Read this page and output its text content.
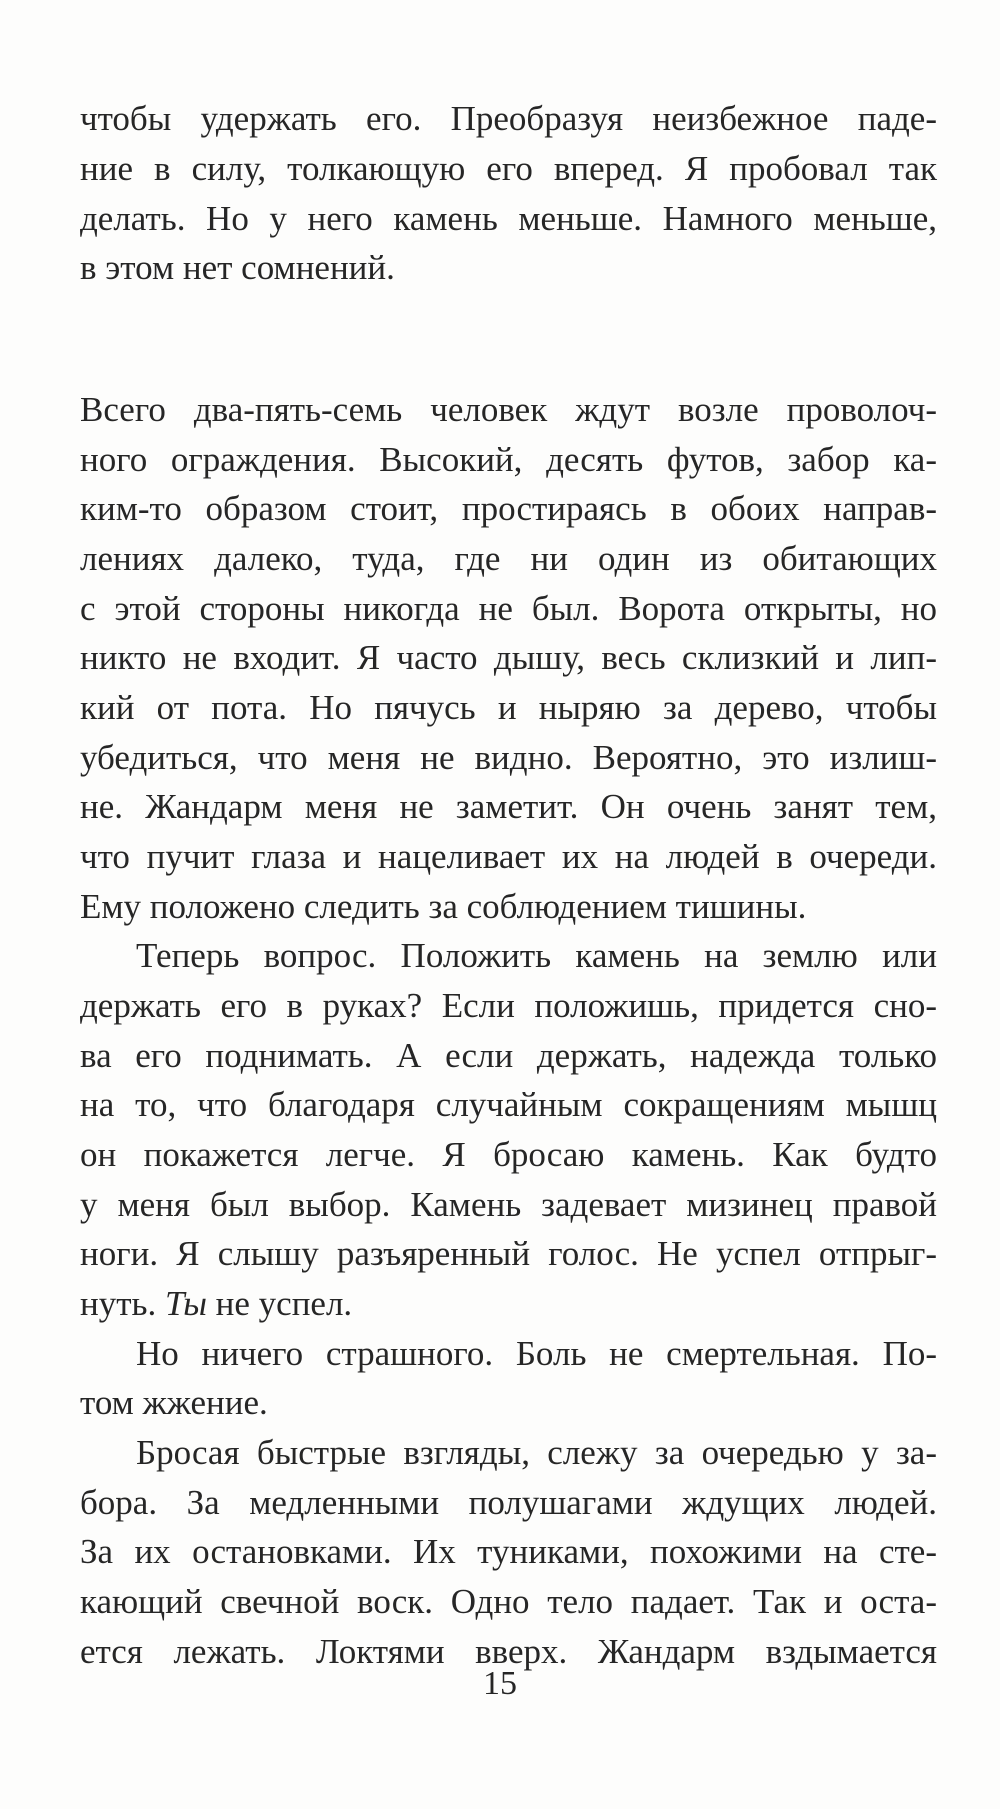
чтобы удержать его. Преобразуя неизбежное паде-
ние в силу, толкающую его вперед. Я пробовал так
делать. Но у него камень меньше. Намного меньше,
в этом нет сомнений.
Всего два-пять-семь человек ждут возле проволоч-
ного ограждения. Высокий, десять футов, забор ка-
ким-то образом стоит, простираясь в обоих направ-
лениях далеко, туда, где ни один из обитающих
с этой стороны никогда не был. Ворота открыты, но
никто не входит. Я часто дышу, весь склизкий и лип-
кий от пота. Но пячусь и ныряю за дерево, чтобы
убедиться, что меня не видно. Вероятно, это излиш-
не. Жандарм меня не заметит. Он очень занят тем,
что пучит глаза и нацеливает их на людей в очереди.
Ему положено следить за соблюдением тишины.
Теперь вопрос. Положить камень на землю или
держать его в руках? Если положишь, придется сно-
ва его поднимать. А если держать, надежда только
на то, что благодаря случайным сокращениям мышц
он покажется легче. Я бросаю камень. Как будто
у меня был выбор. Камень задевает мизинец правой
ноги. Я слышу разъяренный голос. Не успел отпрыг-
нуть. Ты не успел.
Но ничего страшного. Боль не смертельная. По-
том жжение.
Бросая быстрые взгляды, слежу за очередью у за-
бора. За медленными полушагами ждущих людей.
За их остановками. Их туниками, похожими на сте-
кающий свечной воск. Одно тело падает. Так и оста-
ется лежать. Локтями вверх. Жандарм вздымается
15
